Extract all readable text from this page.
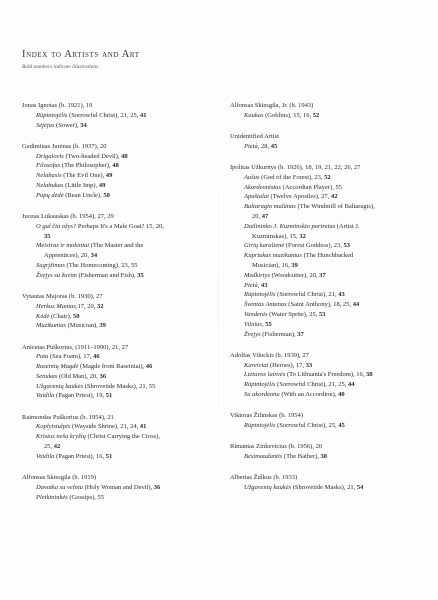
Index to Artists and Art
Bold numbers indicate illustrations
Jonas Ignotas (b. 1921), 19
Rūpintojėlis (Sorrowful Christ), 21, 25, 41
Sėjėjas (Sower), 34
Gediminas Jurėnas (b. 1937), 20
Drigalovis (Two-headed Devil), 48
Filosofas (The Philosopher), 48
Nelabasis (The Evil One), 49
Nelabukas (Little Imp), 49
Pupų dėdė (Bean Uncle), 50
Juozas Lukauskas (b. 1954), 27, 29
O gal čia ožys? Perhaps It's a Male Goat? 15, 20,
35
Meistras ir mokiniai (The Master and the
Apprentices), 20, 34
Sugrįžimas (The Homecoming), 23, 55
Žvejys su žuvim (Fisherman and Fish), 35
Vytautas Majoras (b. 1930), 27
Herkus Mantas,17, 20, 32
Kėdė (Chair), 50
Muzikantas (Musician), 39
Anicetas Puškorius, (1911–1990), 21, 27
Puta (Sea Foam), 17, 46
Raseinių Magdė (Magde from Raseiniai), 46
Senukas (Old Man), 20, 36
Užgavenių kaukės (Shrovetide Masks), 21, 55
Vaidila (Pagan Priest), 19, 51
Raimondas Puškorius (b. 1954), 21
Koplytstulpis (Wayside Shrine), 21, 24, 41
Kristus neša kryžių (Christ Carrying the Cross),
25, 42
Vaidila (Pagan Priest), 16, 51
Alfonsas Skiesgila (b. 1919)
Davatka su velniu (Holy Woman and Devil), 36
Pletkininkės (Gossips), 55
Alfonsas Skiesgila, Jr. (b. 1943)
Kaukas (Goblins), 15, 16, 52
Unidentified Artist
Pietà, 28, 45
Ipolitas Užkurnys (b. 1926), 18, 19, 21, 22, 26, 27
Aušas (God of the Forest), 23, 52
Akordeonistas (Accordian Player), 55
Apaštalai (Twelve Apostles), 27, 42
Baltaragio malūnas (The Windmill of Baltaragis),
20, 47
Dailininko J. Kuzminskio portretas (Artist J.
Kuzminskas), 15, 32
Girių karalienė (Forest Goddess), 23, 53
Kupriukas muzikantas (The Hunchbacked
Musician), 16, 39
Medkirtys (Woodcutter), 20, 37
Pietà, 43
Rūpintojėlis (Sorrowful Christ), 21, 43
Šventas Antanas (Saint Anthony), 18, 25, 44
Vandenis (Water Sprite), 25, 53
Vilnius, 55
Žvejys (Fisherman), 37
Adolfas Viluckis (b. 1939), 27
Kareiviai (Heroes), 17, 33
Lietuvos laisvės (To Lithuania's Freedom), 16, 38
Rūpintojėlis (Sorrowful Christ), 21, 25, 44
Su akordeonu (With an Accordion), 40
Viktoras Žilinskas (b. 1954)
Rūpintojėlis (Sorrowful Christ), 25, 45
Rimantas Zinkevicius (b. 1956), 20
Besimaudantis (The Bather), 38
Albertas Žulkus (b. 1933)
Užgavenių kaukės (Shrovetide Masks), 21, 54
